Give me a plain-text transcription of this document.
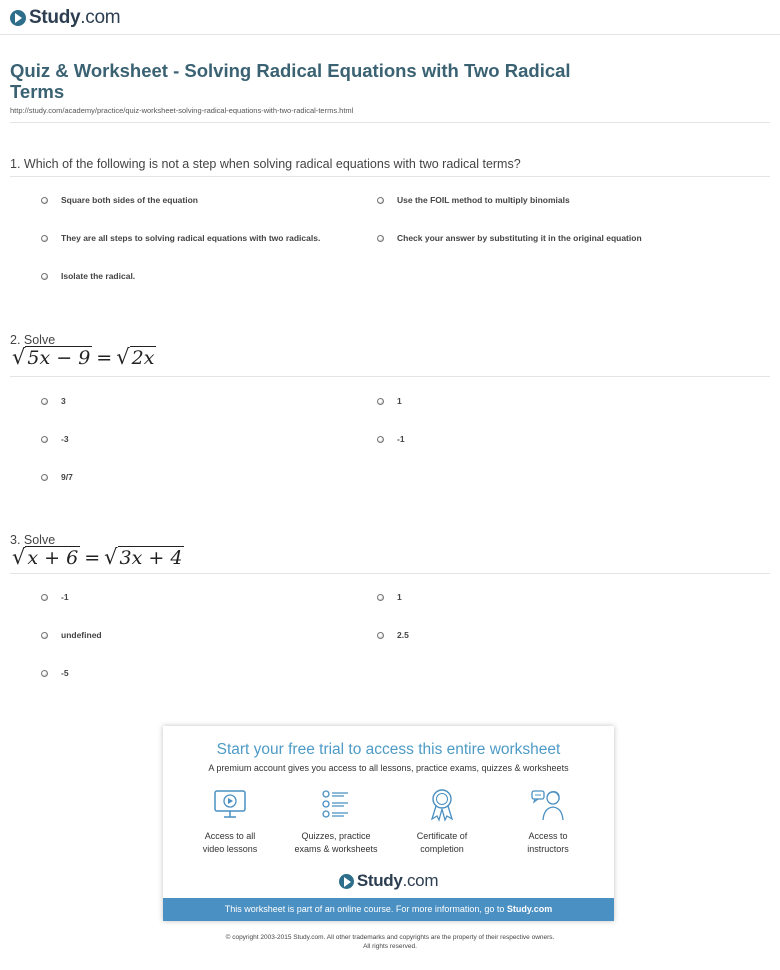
Study.com
Quiz & Worksheet - Solving Radical Equations with Two Radical Terms
http://study.com/academy/practice/quiz-worksheet-solving-radical-equations-with-two-radical-terms.html
1. Which of the following is not a step when solving radical equations with two radical terms?
Square both sides of the equation	Use the FOIL method to multiply binomials
They are all steps to solving radical equations with two radicals.	Check your answer by substituting it in the original equation
Isolate the radical.
2. Solve
√ 5x − 9 = √ 2x
3	1
-3	-1
9/7
3. Solve
√ x + 6 = √ 3x + 4
-1	1
undefined	2.5
-5
Start your free trial to access this entire worksheet
A premium account gives you access to all lessons, practice exams, quizzes & worksheets
Access to all
video lessons
Quizzes, practice
exams & worksheets
Certificate of
completion
Access to
instructors
Study.com
This worksheet is part of an online course. For more information, go to Study.com
© copyright 2003-2015 Study.com. All other trademarks and copyrights are the property of their respective owners.
All rights reserved.
